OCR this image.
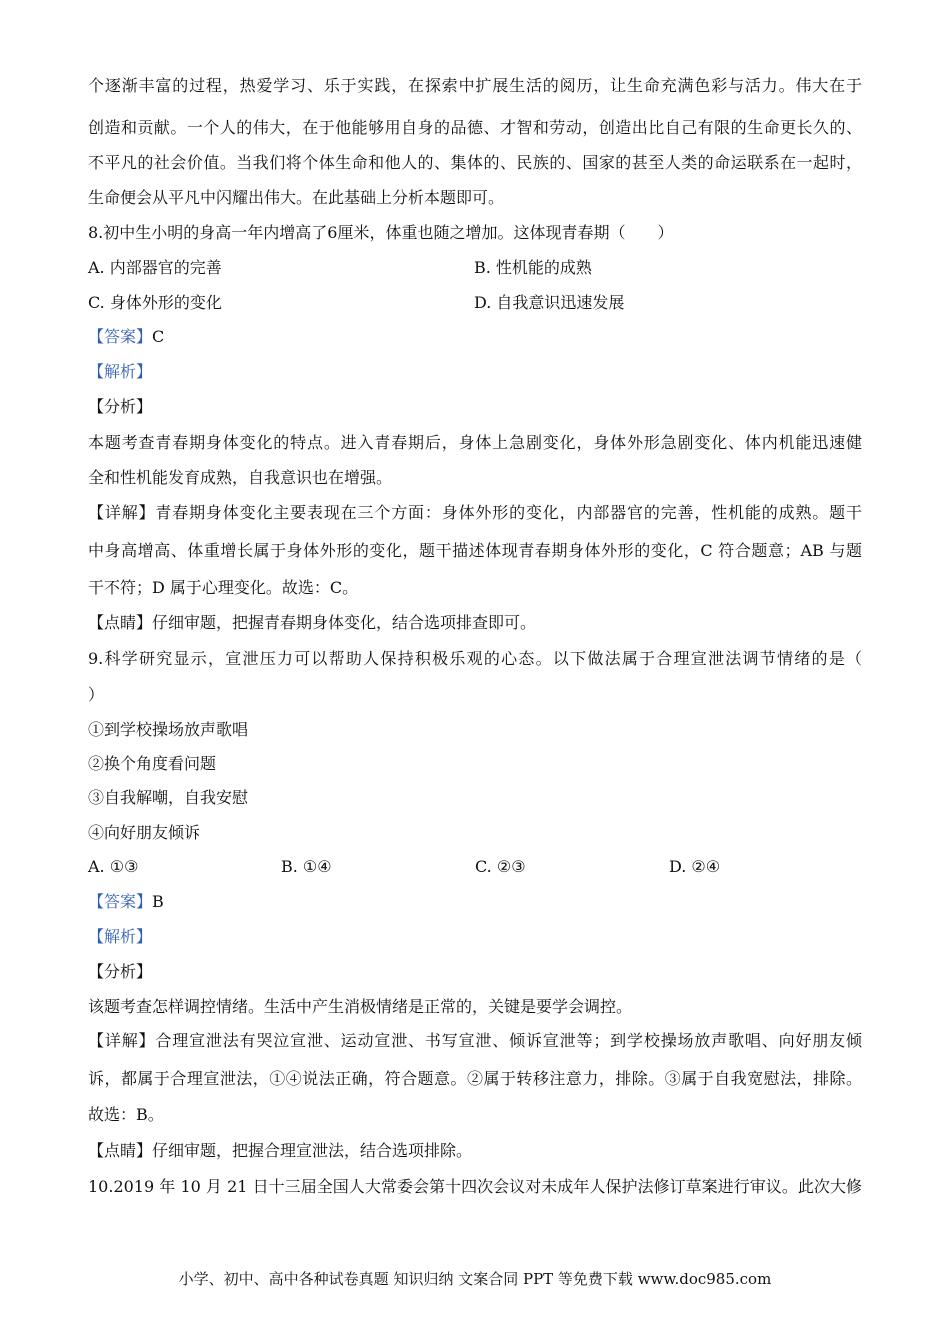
个逐渐丰富的过程，热爱学习、乐于实践，在探索中扩展生活的阅历，让生命充满色彩与活力。伟大在于
创造和贡献。一个人的伟大，在于他能够用自身的品德、才智和劳动，创造出比自己有限的生命更长久的、
不平凡的社会价值。当我们将个体生命和他人的、集体的、民族的、国家的甚至人类的命运联系在一起时，
生命便会从平凡中闪耀出伟大。在此基础上分析本题即可。
8.初中生小明的身高一年内增高了6厘米，体重也随之增加。这体现青春期（　　）
A. 内部器官的完善	B. 性机能的成熟
C. 身体外形的变化	D. 自我意识迅速发展
【答案】C
【解析】
【分析】
本题考查青春期身体变化的特点。进入青春期后，身体上急剧变化，身体外形急剧变化、体内机能迅速健
全和性机能发育成熟，自我意识也在增强。
【详解】青春期身体变化主要表现在三个方面：身体外形的变化，内部器官的完善，性机能的成熟。题干
中身高增高、体重增长属于身体外形的变化，题干描述体现青春期身体外形的变化，C 符合题意；AB 与题
干不符；D 属于心理变化。故选：C。
【点睛】仔细审题，把握青春期身体变化，结合选项排查即可。
9.科学研究显示，宣泄压力可以帮助人保持积极乐观的心态。以下做法属于合理宣泄法调节情绪的是（
）
①到学校操场放声歌唱
②换个角度看问题
③自我解嘲，自我安慰
④向好朋友倾诉
A. ①③	B. ①④	C. ②③	D. ②④
【答案】B
【解析】
【分析】
该题考查怎样调控情绪。生活中产生消极情绪是正常的，关键是要学会调控。
【详解】合理宣泄法有哭泣宣泄、运动宣泄、书写宣泄、倾诉宣泄等；到学校操场放声歌唱、向好朋友倾
诉，都属于合理宣泄法，①④说法正确，符合题意。②属于转移注意力，排除。③属于自我宽慰法，排除。
故选：B。
【点睛】仔细审题，把握合理宣泄法，结合选项排除。
10.2019 年 10 月 21 日十三届全国人大常委会第十四次会议对未成年人保护法修订草案进行审议。此次大修
小学、初中、高中各种试卷真题 知识归纳 文案合同 PPT 等免费下载 www.doc985.com
